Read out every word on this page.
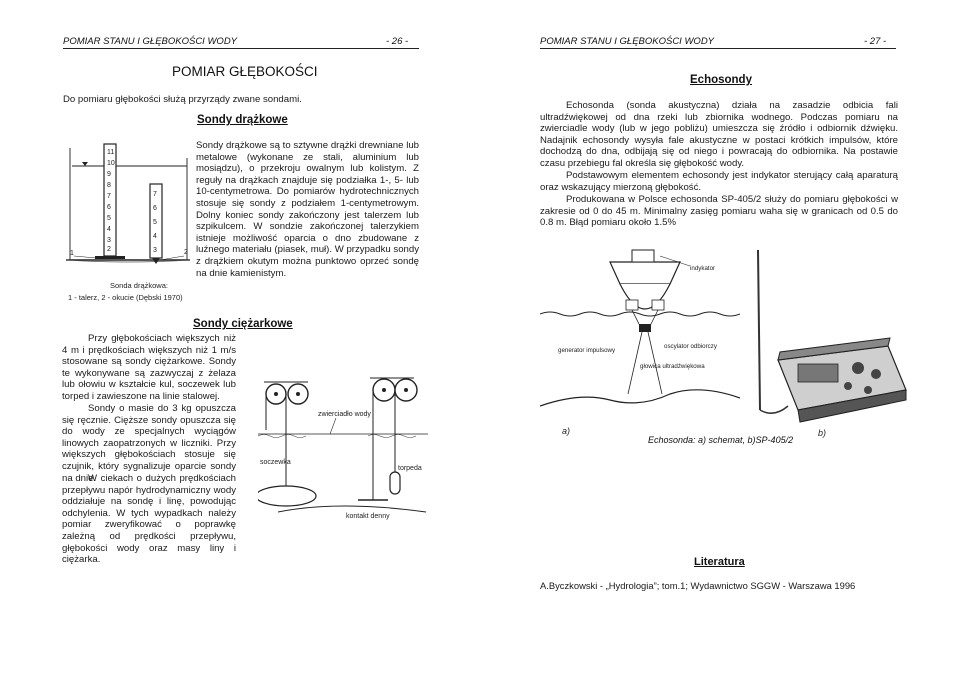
POMIAR STANU I GŁĘBOKOŚCI WODY	- 26 -
POMIAR GŁĘBOKOŚCI

Do pomiaru głębokości służą przyrządy zwane sondami.

Sondy drążkowe

Sondy drążkowe są to sztywne drążki drewniane lub metalowe (wykonane ze stali, aluminium lub mosiądzu), o przekroju owalnym lub kolistym. Z reguły na drążkach znajduje się podziałka 1-, 5- lub 10-centymetrowa. Do pomiarów hydrotechnicznych stosuje się sondy z podziałem 1-centymetrowym. Dolny koniec sondy zakończony jest talerzem lub szpikulcem. W sondzie zakończonej talerzykiem istnieje możliwość oparcia o dno zbudowane z luźnego materiału (piasek, muł). W przypadku sondy z drążkiem okutym można punktowo oprzeć sondę na dnie kamienistym.

11
10
9
8
7
6
5
4
3
2
7
6
5
4
3
1	2
Sonda drążkowa:
1 - talerz, 2 - okucie (Dębski 1970)
Sondy ciężarkowe

Przy głębokościach większych niż 4 m i prędkościach większych niż 1 m/s stosowane są sondy ciężarkowe. Sondy te wykonywane są zazwyczaj z żelaza lub ołowiu w kształcie kul, soczewek lub torped i zawieszone na linie stalowej.

Sondy o masie do 3 kg opuszcza się ręcznie. Cięższe sondy opuszcza się do wody ze specjalnych wyciągów linowych zaopatrzonych w liczniki. Przy większych głębokościach stosuje się czujnik, który sygnalizuje oparcie sondy na dnie.

W ciekach o dużych prędkościach przepływu napór hydrodynamiczny wody oddziałuje na sondę i linę, powodując odchylenia. W tych wypadkach należy pomiar zweryfikować o poprawkę zależną od prędkości przepływu, głębokości wody oraz masy liny i ciężarka.

zwierciadło wody
soczewka
torpeda
kontakt denny
POMIAR STANU I GŁĘBOKOŚCI WODY	- 27 -
Echosondy

Echosonda (sonda akustyczna) działa na zasadzie odbicia fali ultradźwiękowej od dna rzeki lub zbiornika wodnego. Podczas pomiaru na zwierciadle wody (lub w jego pobliżu) umieszcza się źródło i odbiornik dźwięku. Nadajnik echosondy wysyła fale akustyczne w postaci krótkich impulsów, które dochodzą do dna, odbijają się od niego i powracają do odbiornika. Na postawie czasu przebiegu fal określa się głębokość wody.

Podstawowym elementem echosondy jest indykator sterujący całą aparaturą oraz wskazujący mierzoną głębokość.

Produkowana w Polsce echosonda SP-405/2 służy do pomiaru głębokości w zakresie od 0 do 45 m. Minimalny zasięg pomiaru waha się w granicach od 0.5 do 0.8 m. Błąd pomiaru około 1.5%

indykator
generator impulsowy
oscylator odbiorczy
głowica ultradźwiękowa
a)	b)
Echosonda: a) schemat, b)SP-405/2
Literatura

A.Byczkowski - „Hydrologia”; tom.1; Wydawnictwo SGGW - Warszawa 1996
